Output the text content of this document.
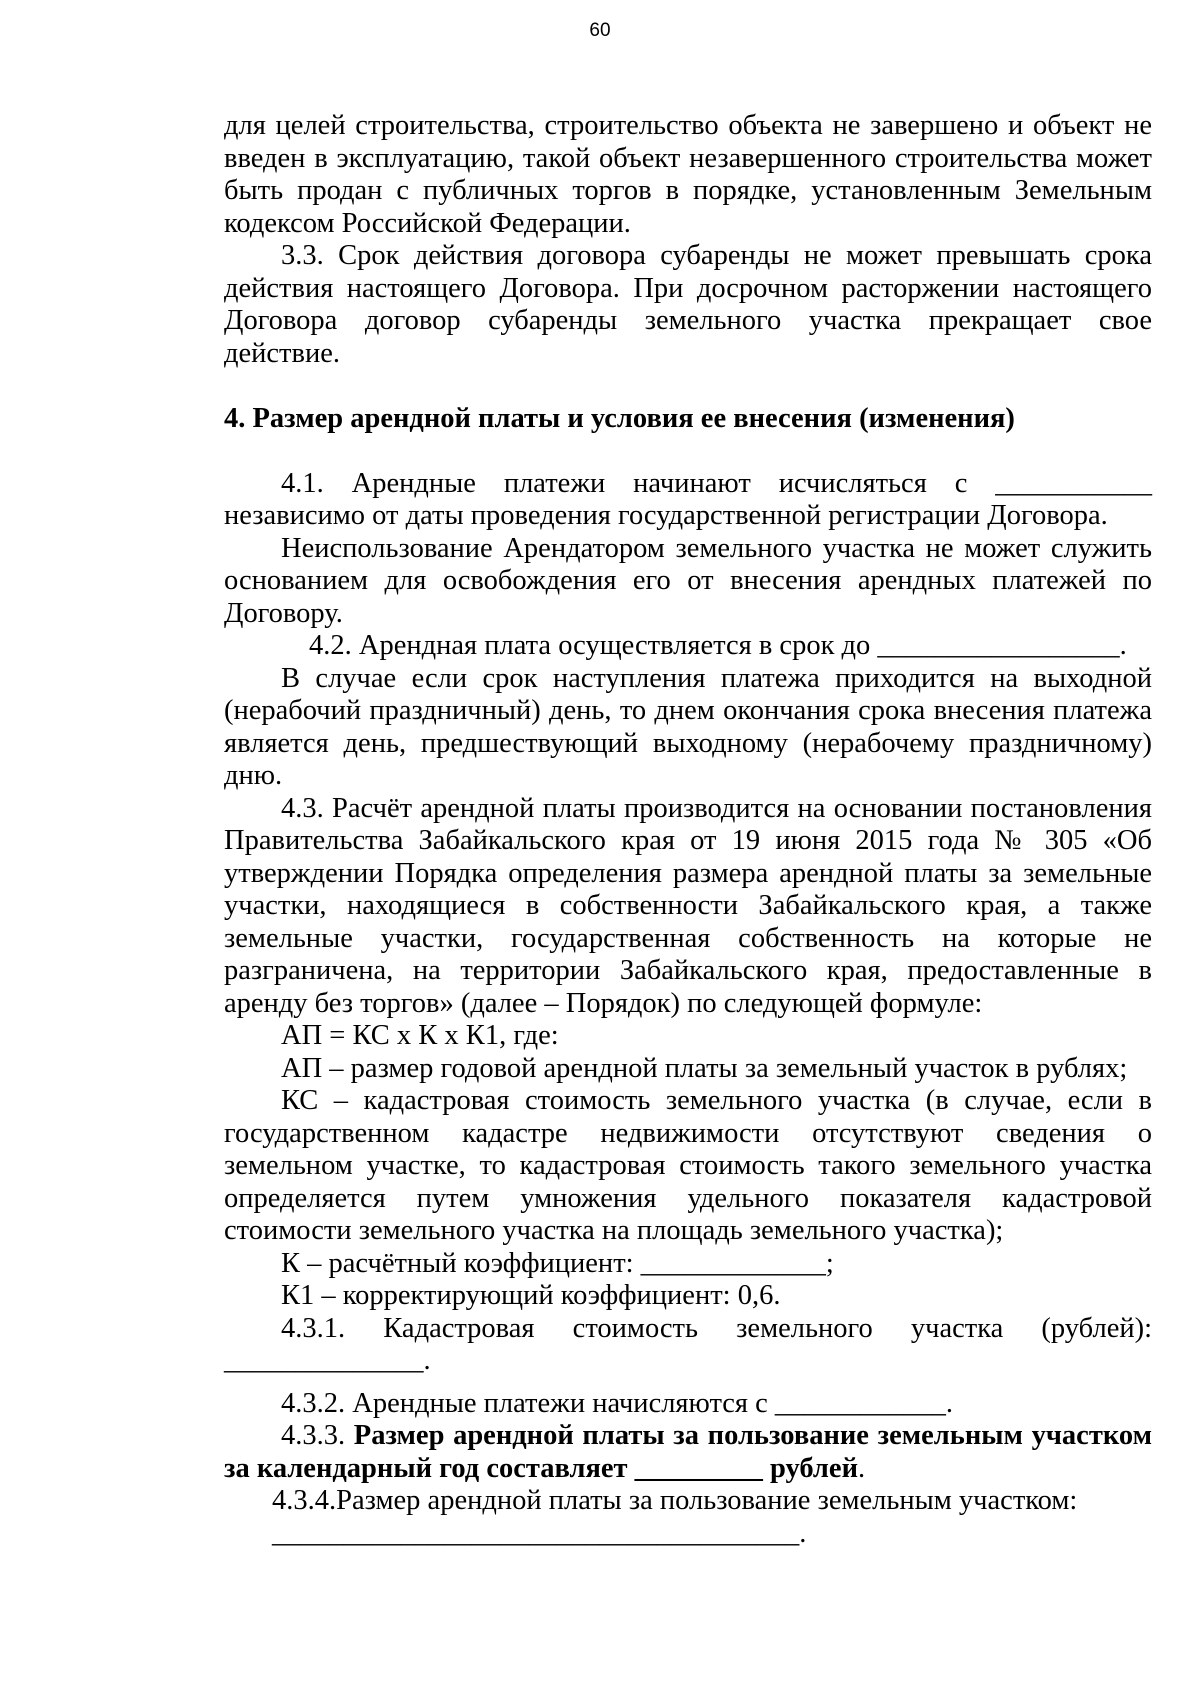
60

для целей строительства, строительство объекта не завершено и объект не введен в эксплуатацию, такой объект незавершенного строительства может быть продан с публичных торгов в порядке, установленным Земельным кодексом Российской Федерации.

3.3. Срок действия договора субаренды не может превышать срока действия настоящего Договора. При досрочном расторжении настоящего Договора договор субаренды земельного участка прекращает свое действие.

4. Размер арендной платы и условия ее внесения (изменения)

4.1. Арендные платежи начинают исчисляться с ___________

независимо от даты проведения государственной регистрации Договора.

Неиспользование Арендатором земельного участка не может служить основанием для освобождения его от внесения арендных платежей по Договору.

4.2. Арендная плата осуществляется в срок до _________________.

В случае если срок наступления платежа приходится на выходной (нерабочий праздничный) день, то днем окончания срока внесения платежа является день, предшествующий выходному (нерабочему праздничному) дню.

4.3. Расчёт арендной платы производится на основании постановления Правительства Забайкальского края от 19 июня 2015 года № 305 «Об утверждении Порядка определения размера арендной платы за земельные участки, находящиеся в собственности Забайкальского края, а также земельные участки, государственная собственность на которые не разграничена, на территории Забайкальского края, предоставленные в аренду без торгов» (далее – Порядок) по следующей формуле:

АП = КС х К х К1, где:

АП – размер годовой арендной платы за земельный участок в рублях;

КС – кадастровая стоимость земельного участка (в случае, если в государственном кадастре недвижимости отсутствуют сведения о земельном участке, то кадастровая стоимость такого земельного участка определяется путем умножения удельного показателя кадастровой стоимости земельного участка на площадь земельного участка);

К – расчётный коэффициент: _____________;

К1 – корректирующий коэффициент: 0,6.

4.3.1. Кадастровая стоимость земельного участка (рублей):

______________.

4.3.2. Арендные платежи начисляются с ____________.

4.3.3. Размер арендной платы за пользование земельным участком за календарный год составляет _________ рублей.

4.3.4.Размер арендной платы за пользование земельным участком:

_____________________________________.
